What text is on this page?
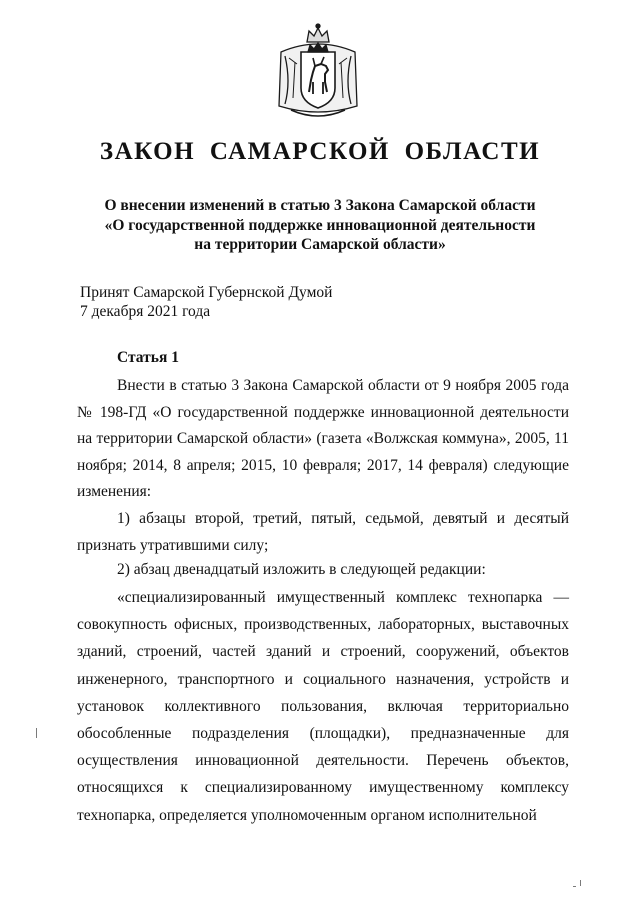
ЗАКОН САМАРСКОЙ ОБЛАСТИ
О внесении изменений в статью 3 Закона Самарской области
«О государственной поддержке инновационной деятельности
на территории Самарской области»
Принят Самарской Губернской Думой
7 декабря 2021 года
Статья 1
Внести в статью 3 Закона Самарской области от 9 ноября 2005 года № 198-ГД «О государственной поддержке инновационной деятельности на территории Самарской области» (газета «Волжская коммуна», 2005, 11 ноября; 2014, 8 апреля; 2015, 10 февраля; 2017, 14 февраля) следующие изменения:
1) абзацы второй, третий, пятый, седьмой, девятый и десятый признать утратившими силу;
2) абзац двенадцатый изложить в следующей редакции:
«специализированный имущественный комплекс технопарка — совокупность офисных, производственных, лабораторных, выставочных зданий, строений, частей зданий и строений, сооружений, объектов инженерного, транспортного и социального назначения, устройств и установок коллективного пользования, включая территориально обособленные подразделения (площадки), предназначенные для осуществления инновационной деятельности. Перечень объектов, относящихся к специализированному имущественному комплексу технопарка, определяется уполномоченным органом исполнительной
